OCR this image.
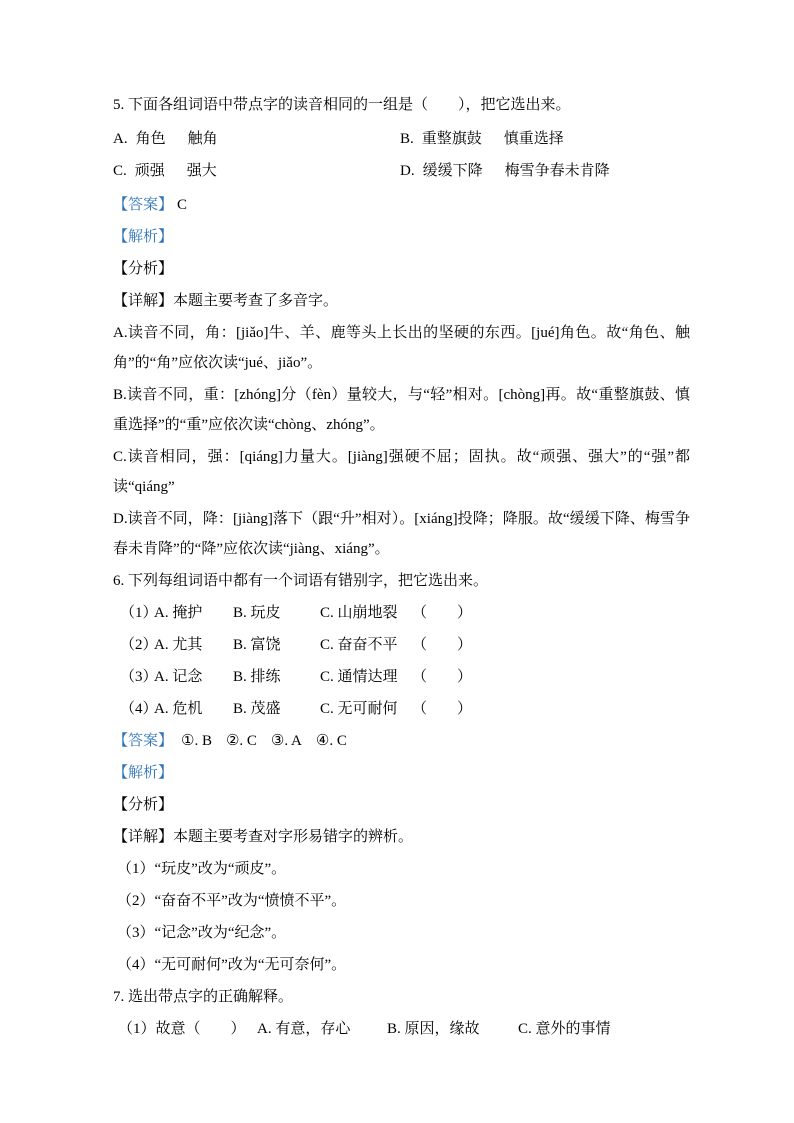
5. 下面各组词语中带点字的读音相同的一组是（　　），把它选出来。

A. 角色 触角	B. 重整旗鼓 慎重选择
C. 顽强 强大	D. 缓缓下降 梅雪争春未肯降

【答案】 C

【解析】

【分析】

【详解】本题主要考查了多音字。

A.读音不同，角：[jiǎo]牛、羊、鹿等头上长出的坚硬的东西。[jué]角色。故“角色、触角”的“角”应依次读“jué、jiǎo”。

B.读音不同，重：[zhóng]分（fèn）量较大，与“轻”相对。[chòng]再。故“重整旗鼓、慎重选择”的“重”应依次读“chòng、zhóng”。

C.读音相同，强：[qiáng]力量大。[jiàng]强硬不屈；固执。故“顽强、强大”的“强”都读“qiáng”

D.读音不同，降：[jiàng]落下（跟“升”相对）。[xiáng]投降；降服。故“缓缓下降、梅雪争春未肯降”的“降”应依次读“jiàng、xiáng”。

6. 下列每组词语中都有一个词语有错别字，把它选出来。

（1）
A. 掩护	B. 玩皮	C. 山崩地裂 （　　）
（2）
A. 尤其	B. 富饶	C. 奋奋不平 （　　）
（3）
A. 记念	B. 排练	C. 通情达理 （　　）
（4）
A. 危机	B. 茂盛	C. 无可耐何 （　　）

【答案】 ①. B ②. C ③. A ④. C

【解析】

【分析】

【详解】本题主要考查对字形易错字的辨析。

（1）“玩皮”改为“顽皮”。

（2）“奋奋不平”改为“愤愤不平”。

（3）“记念”改为“纪念”。

（4）“无可耐何”改为“无可奈何”。

7. 选出带点字的正确解释。

（1）故意（　　） A. 有意，存心	B. 原因，缘故	C. 意外的事情
